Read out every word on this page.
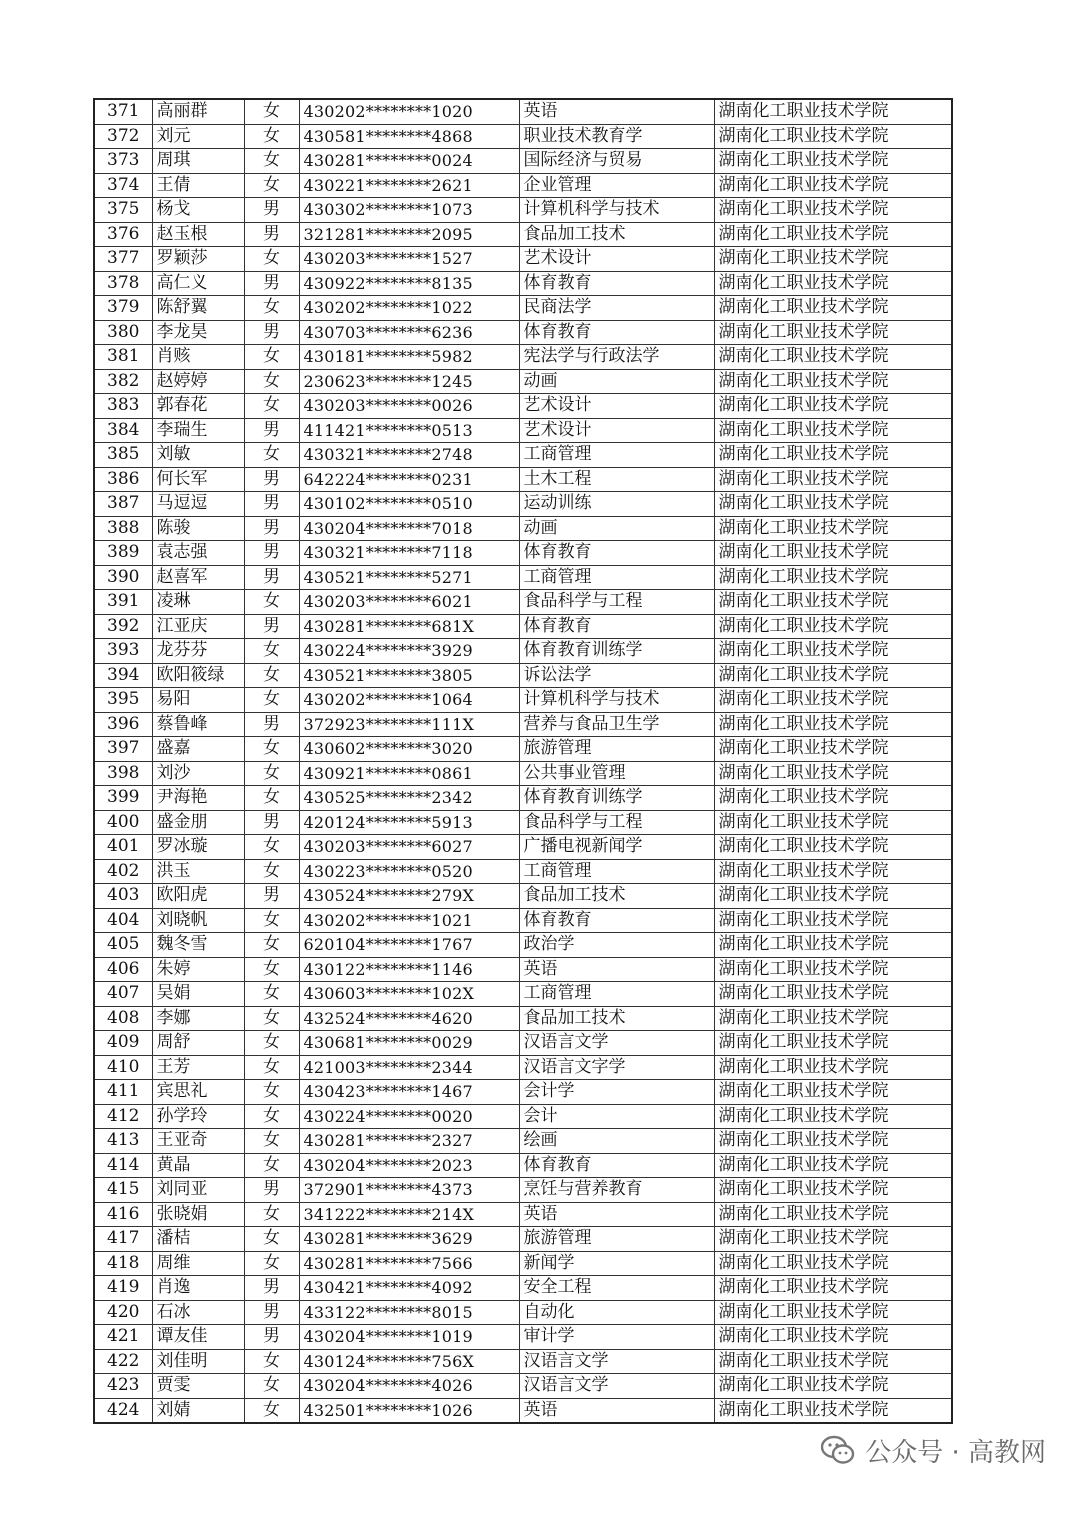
371	高丽群	女	430202********1020	英语	湖南化工职业技术学院
372	刘元	女	430581********4868	职业技术教育学	湖南化工职业技术学院
373	周琪	女	430281********0024	国际经济与贸易	湖南化工职业技术学院
374	王倩	女	430221********2621	企业管理	湖南化工职业技术学院
375	杨戈	男	430302********1073	计算机科学与技术	湖南化工职业技术学院
376	赵玉根	男	321281********2095	食品加工技术	湖南化工职业技术学院
377	罗颖莎	女	430203********1527	艺术设计	湖南化工职业技术学院
378	高仁义	男	430922********8135	体育教育	湖南化工职业技术学院
379	陈舒翼	女	430202********1022	民商法学	湖南化工职业技术学院
380	李龙昊	男	430703********6236	体育教育	湖南化工职业技术学院
381	肖赅	女	430181********5982	宪法学与行政法学	湖南化工职业技术学院
382	赵婷婷	女	230623********1245	动画	湖南化工职业技术学院
383	郭春花	女	430203********0026	艺术设计	湖南化工职业技术学院
384	李瑞生	男	411421********0513	艺术设计	湖南化工职业技术学院
385	刘敏	女	430321********2748	工商管理	湖南化工职业技术学院
386	何长军	男	642224********0231	土木工程	湖南化工职业技术学院
387	马逗逗	男	430102********0510	运动训练	湖南化工职业技术学院
388	陈骏	男	430204********7018	动画	湖南化工职业技术学院
389	袁志强	男	430321********7118	体育教育	湖南化工职业技术学院
390	赵喜军	男	430521********5271	工商管理	湖南化工职业技术学院
391	凌琳	女	430203********6021	食品科学与工程	湖南化工职业技术学院
392	江亚庆	男	430281********681X	体育教育	湖南化工职业技术学院
393	龙芬芬	女	430224********3929	体育教育训练学	湖南化工职业技术学院
394	欧阳筱绿	女	430521********3805	诉讼法学	湖南化工职业技术学院
395	易阳	女	430202********1064	计算机科学与技术	湖南化工职业技术学院
396	蔡鲁峰	男	372923********111X	营养与食品卫生学	湖南化工职业技术学院
397	盛嘉	女	430602********3020	旅游管理	湖南化工职业技术学院
398	刘沙	女	430921********0861	公共事业管理	湖南化工职业技术学院
399	尹海艳	女	430525********2342	体育教育训练学	湖南化工职业技术学院
400	盛金朋	男	420124********5913	食品科学与工程	湖南化工职业技术学院
401	罗冰璇	女	430203********6027	广播电视新闻学	湖南化工职业技术学院
402	洪玉	女	430223********0520	工商管理	湖南化工职业技术学院
403	欧阳虎	男	430524********279X	食品加工技术	湖南化工职业技术学院
404	刘晓帆	女	430202********1021	体育教育	湖南化工职业技术学院
405	魏冬雪	女	620104********1767	政治学	湖南化工职业技术学院
406	朱婷	女	430122********1146	英语	湖南化工职业技术学院
407	吴娟	女	430603********102X	工商管理	湖南化工职业技术学院
408	李娜	女	432524********4620	食品加工技术	湖南化工职业技术学院
409	周舒	女	430681********0029	汉语言文学	湖南化工职业技术学院
410	王芳	女	421003********2344	汉语言文字学	湖南化工职业技术学院
411	宾思礼	女	430423********1467	会计学	湖南化工职业技术学院
412	孙学玲	女	430224********0020	会计	湖南化工职业技术学院
413	王亚奇	女	430281********2327	绘画	湖南化工职业技术学院
414	黄晶	女	430204********2023	体育教育	湖南化工职业技术学院
415	刘同亚	男	372901********4373	烹饪与营养教育	湖南化工职业技术学院
416	张晓娟	女	341222********214X	英语	湖南化工职业技术学院
417	潘桔	女	430281********3629	旅游管理	湖南化工职业技术学院
418	周维	女	430281********7566	新闻学	湖南化工职业技术学院
419	肖逸	男	430421********4092	安全工程	湖南化工职业技术学院
420	石冰	男	433122********8015	自动化	湖南化工职业技术学院
421	谭友佳	男	430204********1019	审计学	湖南化工职业技术学院
422	刘佳明	女	430124********756X	汉语言文学	湖南化工职业技术学院
423	贾雯	女	430204********4026	汉语言文学	湖南化工职业技术学院
424	刘婧	女	432501********1026	英语	湖南化工职业技术学院
公众号 · 高教网
